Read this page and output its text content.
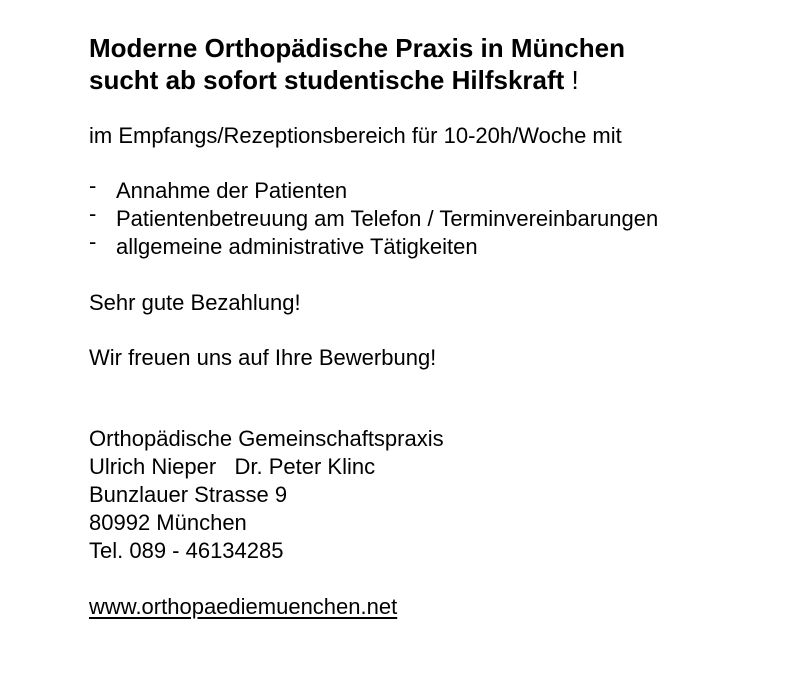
Moderne Orthopädische Praxis in München
sucht ab sofort studentische Hilfskraft !
im Empfangs/Rezeptionsbereich für 10-20h/Woche mit
- Annahme der Patienten
- Patientenbetreuung am Telefon / Terminvereinbarungen
- allgemeine administrative Tätigkeiten
Sehr gute Bezahlung!
Wir freuen uns auf Ihre Bewerbung!
Orthopädische Gemeinschaftspraxis
Ulrich Nieper   Dr. Peter Klinc
Bunzlauer Strasse 9
80992 München
Tel. 089 - 46134285
www.orthopaediemuenchen.net
